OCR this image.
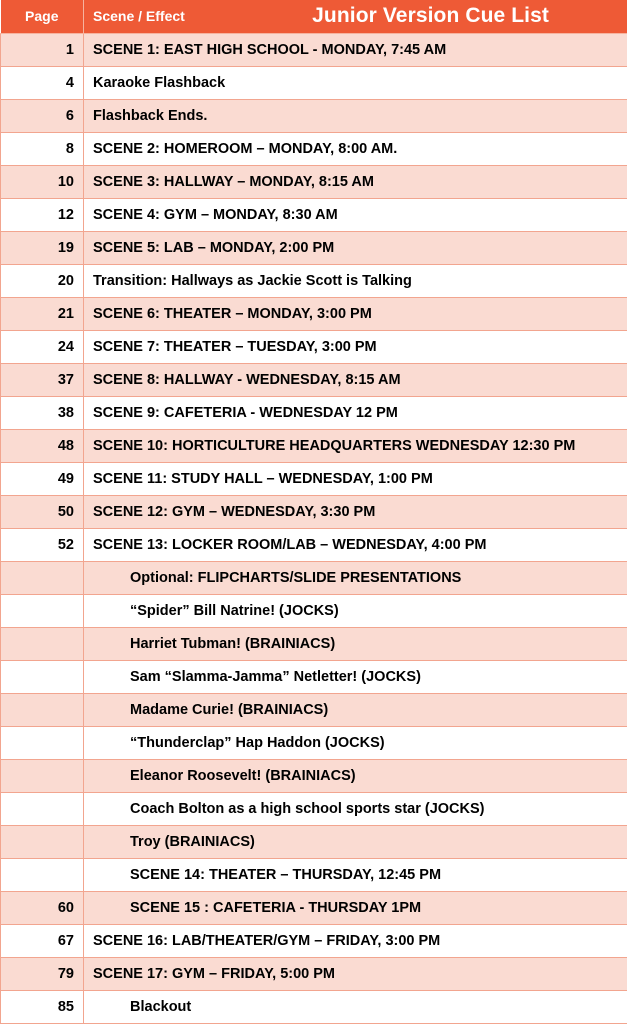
Page	Scene / Effect Junior Version Cue List

1	SCENE 1: EAST HIGH SCHOOL - MONDAY, 7:45 AM
4	Karaoke Flashback
6	Flashback Ends.
8	SCENE 2: HOMEROOM – MONDAY, 8:00 AM.
10	SCENE 3: HALLWAY – MONDAY, 8:15 AM
12	SCENE 4: GYM – MONDAY, 8:30 AM
19	SCENE 5: LAB – MONDAY, 2:00 PM
20	Transition: Hallways as Jackie Scott is Talking
21	SCENE 6: THEATER – MONDAY, 3:00 PM
24	SCENE 7: THEATER – TUESDAY, 3:00 PM
37	SCENE 8: HALLWAY - WEDNESDAY, 8:15 AM
38	SCENE 9: CAFETERIA - WEDNESDAY 12 PM
48	SCENE 10: HORTICULTURE HEADQUARTERS WEDNESDAY 12:30 PM
49	SCENE 11: STUDY HALL – WEDNESDAY, 1:00 PM
50	SCENE 12: GYM – WEDNESDAY, 3:30 PM
52	SCENE 13: LOCKER ROOM/LAB – WEDNESDAY, 4:00 PM
	Optional: FLIPCHARTS/SLIDE PRESENTATIONS
	“Spider” Bill Natrine! (JOCKS)
	Harriet Tubman! (BRAINIACS)
	Sam “Slamma-Jamma” Netletter! (JOCKS)
	Madame Curie! (BRAINIACS)
	“Thunderclap” Hap Haddon (JOCKS)
	Eleanor Roosevelt! (BRAINIACS)
	Coach Bolton as a high school sports star (JOCKS)
	Troy (BRAINIACS)
	SCENE 14: THEATER – THURSDAY, 12:45 PM
60	SCENE 15 : CAFETERIA - THURSDAY 1PM
67	SCENE 16: LAB/THEATER/GYM – FRIDAY, 3:00 PM
79	SCENE 17: GYM – FRIDAY, 5:00 PM
85	Blackout
